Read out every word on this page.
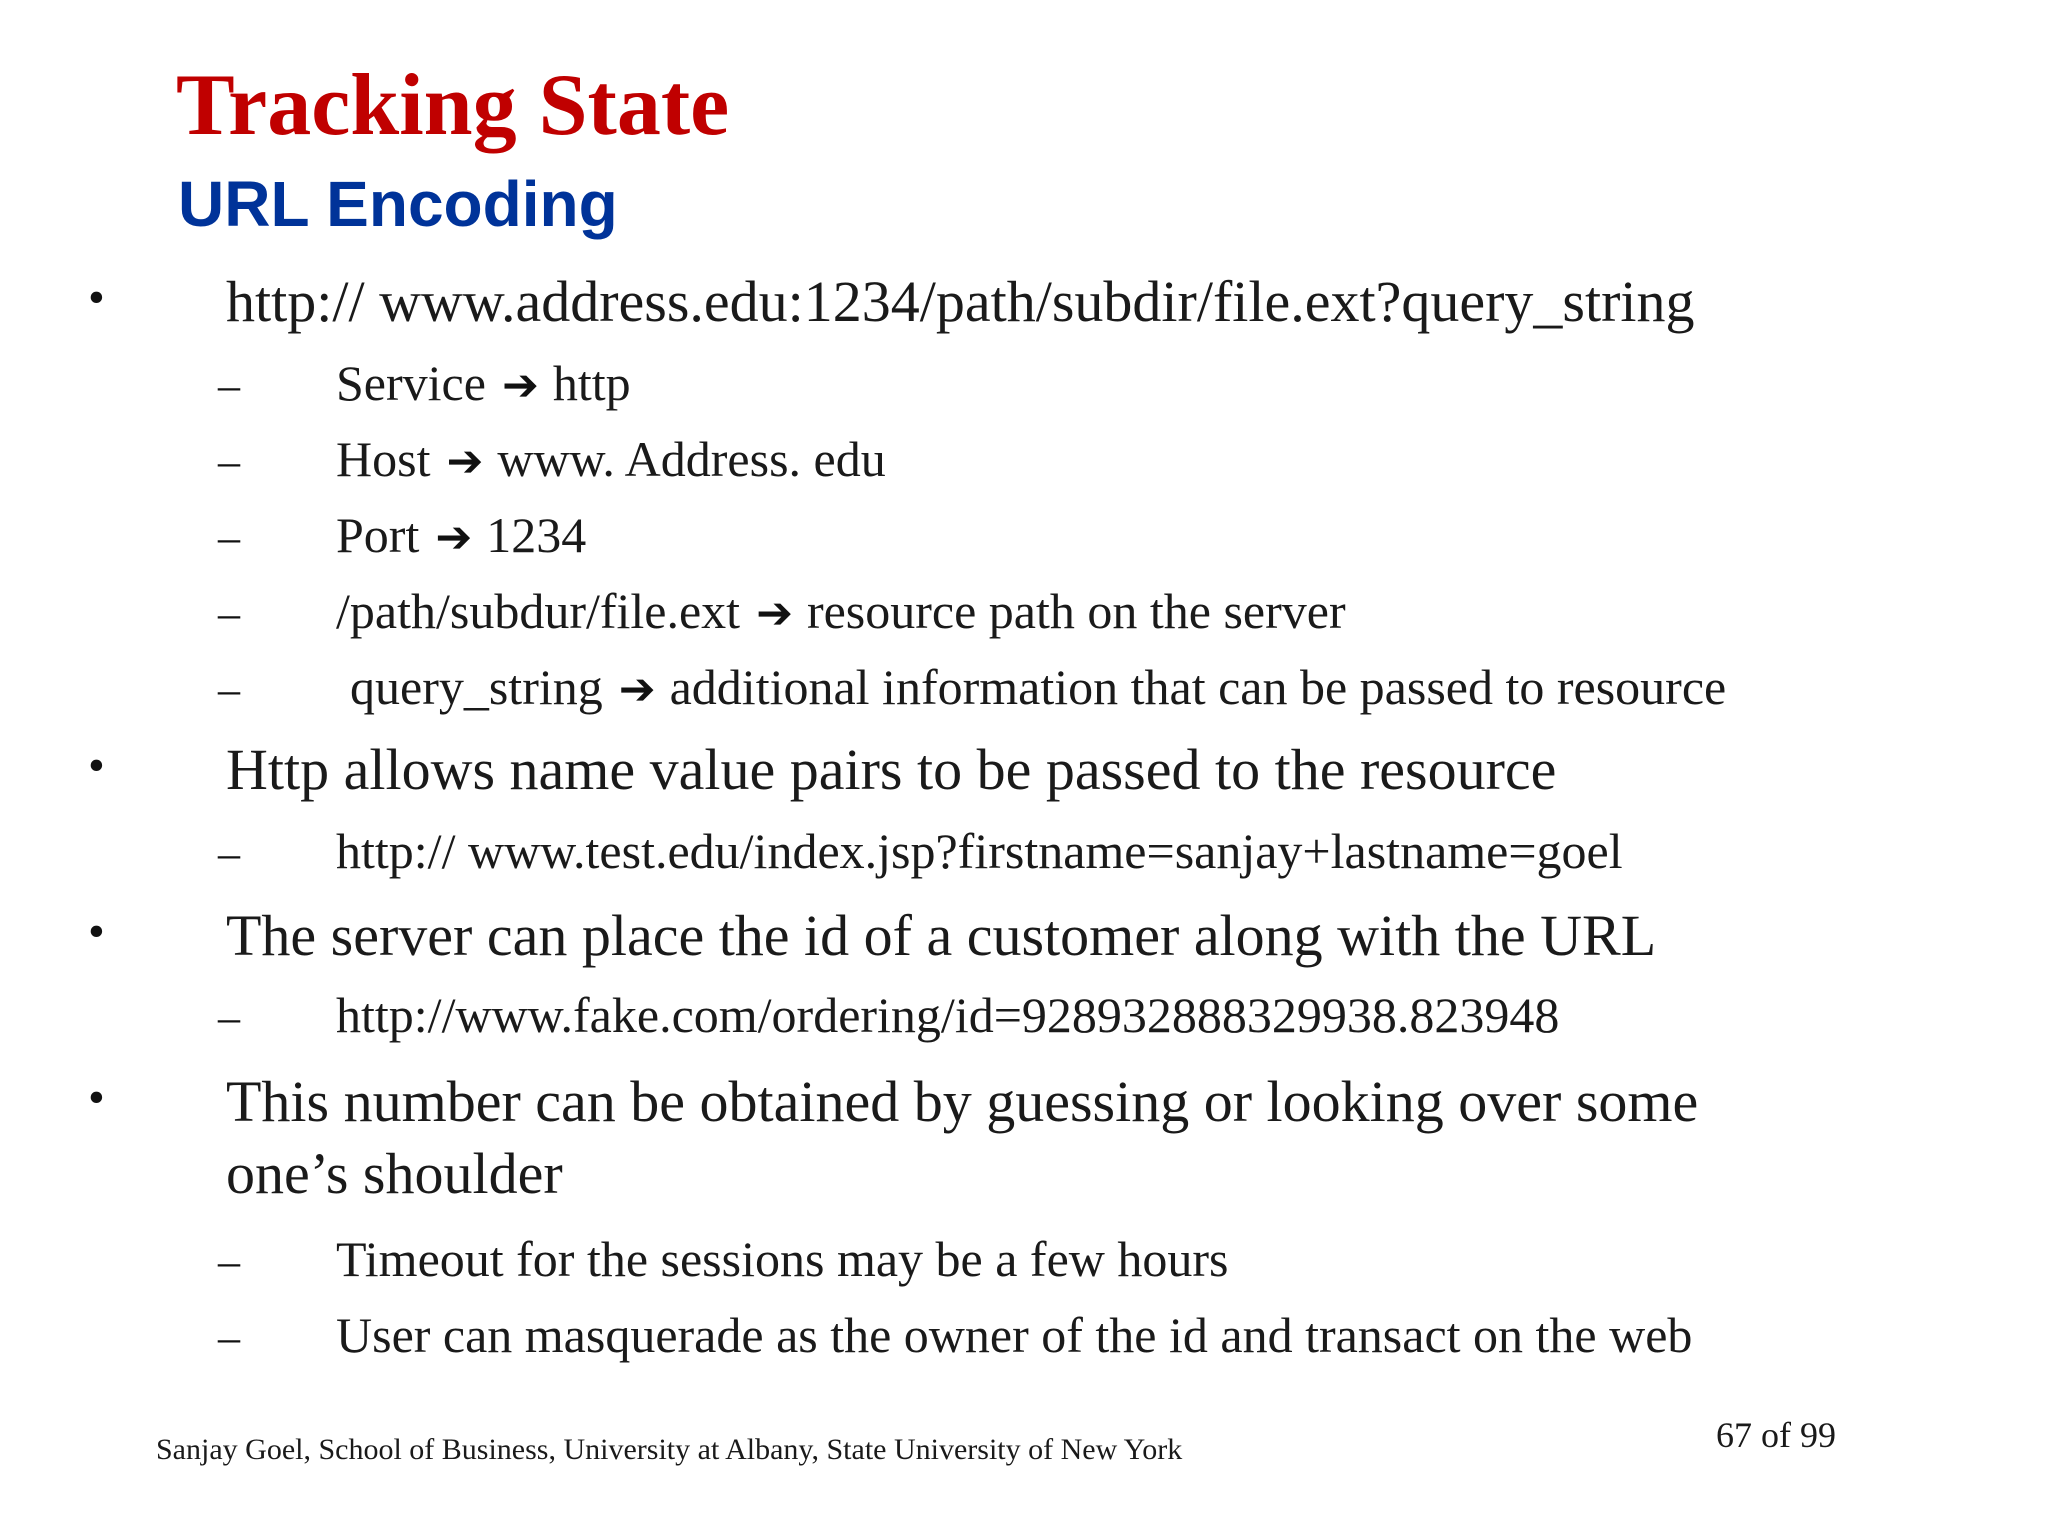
Tracking State
URL Encoding
• http:// www.address.edu:1234/path/subdir/file.ext?query_string
– Service ➔ http
– Host ➔ www. Address. edu
– Port ➔ 1234
– /path/subdur/file.ext ➔ resource path on the server
– query_string ➔ additional information that can be passed to resource
• Http allows name value pairs to be passed to the resource
– http:// www.test.edu/index.jsp?firstname=sanjay+lastname=goel
• The server can place the id of a customer along with the URL
– http://www.fake.com/ordering/id=928932888329938.823948
• This number can be obtained by guessing or looking over some
one’s shoulder
– Timeout for the sessions may be a few hours
– User can masquerade as the owner of the id and transact on the web
Sanjay Goel, School of Business, University at Albany, State University of New York	67 of 99
